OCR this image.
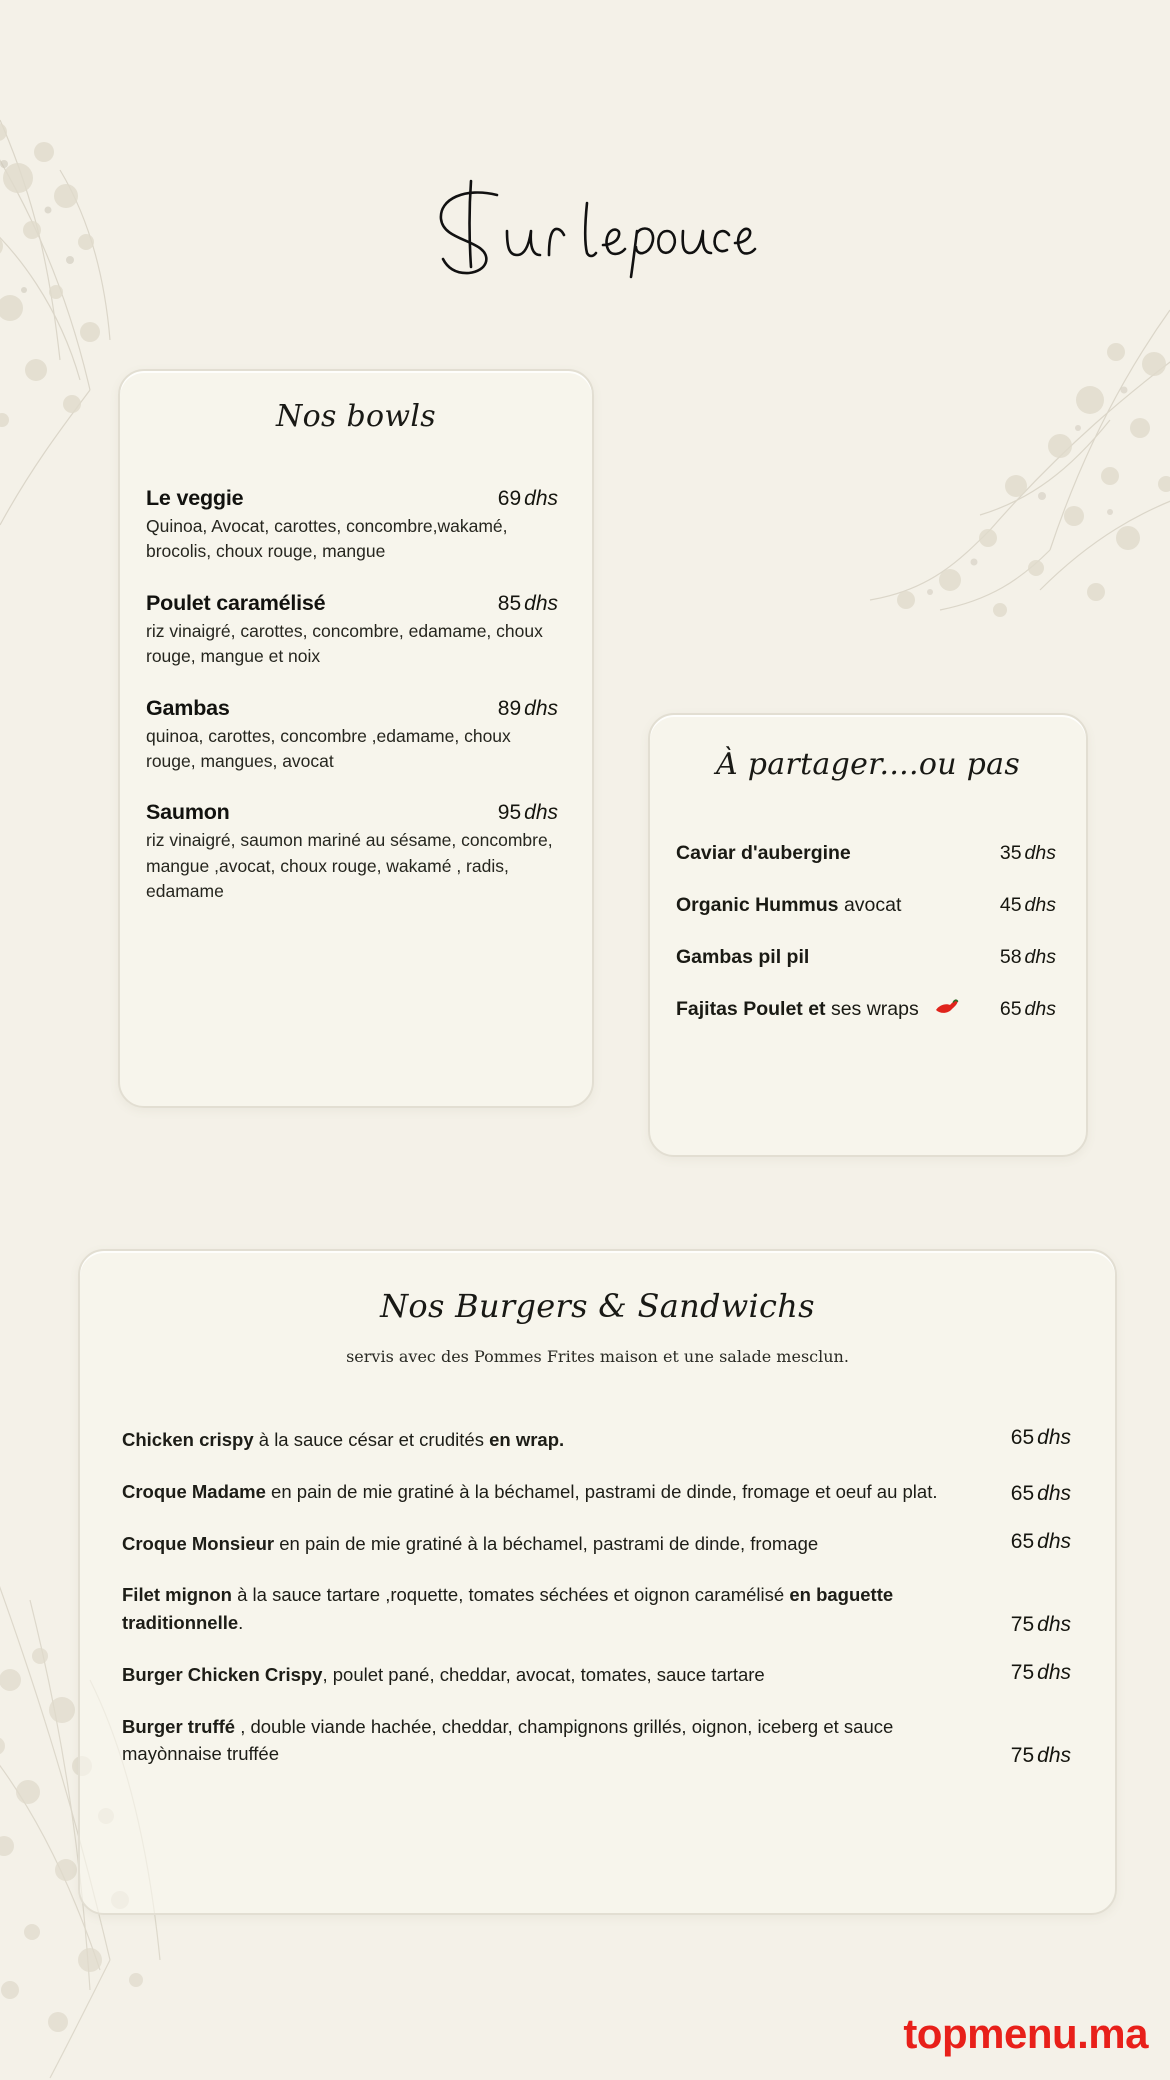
Nos bowls
Le veggie	69 dhs
Quinoa, Avocat, carottes, concombre,wakamé, brocolis, choux rouge, mangue
Poulet caramélisé	85 dhs
riz vinaigré, carottes, concombre, edamame, choux rouge, mangue et noix
Gambas	89 dhs
quinoa, carottes, concombre ,edamame, choux rouge, mangues, avocat
Saumon	95 dhs
riz vinaigré, saumon mariné au sésame, concombre, mangue ,avocat, choux rouge, wakamé , radis, edamame
À partager....ou pas
Caviar d'aubergine	35 dhs
Organic Hummus avocat	45 dhs
Gambas pil pil	58 dhs
Fajitas Poulet et ses wraps	65 dhs
Nos Burgers & Sandwichs
servis avec des Pommes Frites maison et une salade mesclun.
Chicken crispy à la sauce césar et crudités en wrap.	65 dhs
Croque Madame en pain de mie gratiné à la béchamel, pastrami de dinde, fromage et oeuf au plat.	65 dhs
Croque Monsieur en pain de mie gratiné à la béchamel, pastrami de dinde, fromage	65 dhs
Filet mignon à la sauce tartare ,roquette, tomates séchées et oignon caramélisé en baguette traditionnelle.	75 dhs
Burger Chicken Crispy, poulet pané, cheddar, avocat, tomates, sauce tartare	75 dhs
Burger truffé , double viande hachée, cheddar, champignons grillés, oignon, iceberg et sauce mayònnaise truffée	75 dhs
topmenu.ma
